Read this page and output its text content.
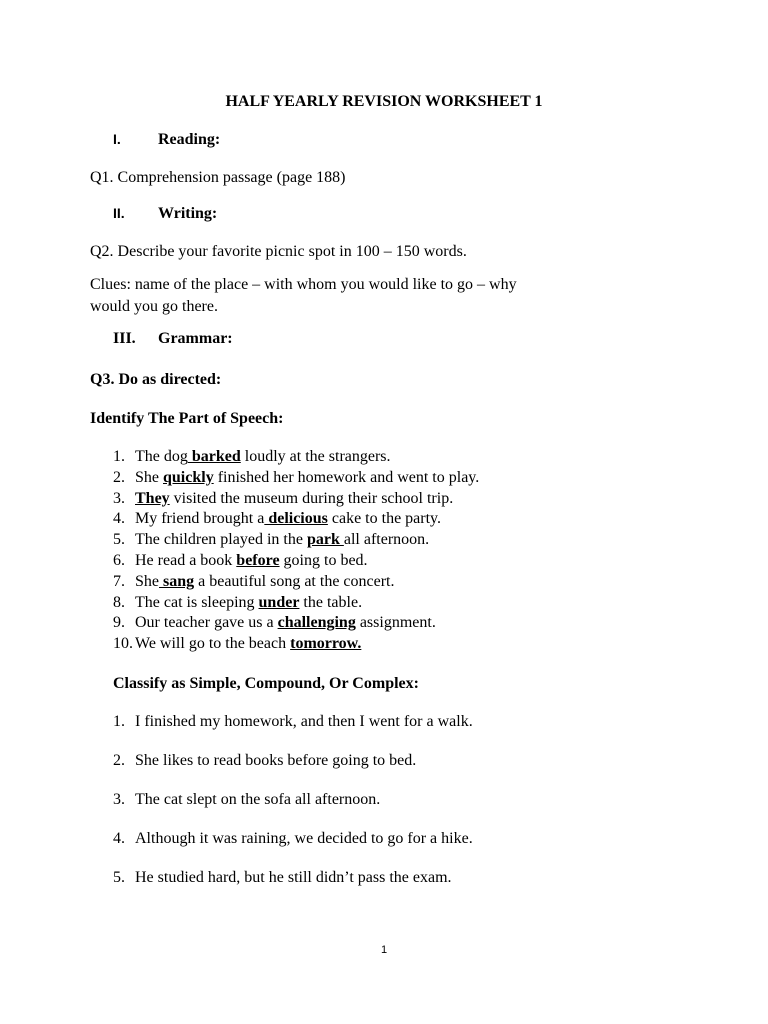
HALF YEARLY REVISION WORKSHEET 1
I. Reading:
Q1. Comprehension passage (page 188)
II. Writing:
Q2. Describe your favorite picnic spot in 100 – 150 words.
Clues: name of the place – with whom you would like to go – why
would you go there.
III. Grammar:
Q3. Do as directed:
Identify The Part of Speech:
1. The dog barked loudly at the strangers.
2. She quickly finished her homework and went to play.
3. They visited the museum during their school trip.
4. My friend brought a delicious cake to the party.
5. The children played in the park all afternoon.
6. He read a book before going to bed.
7. She sang a beautiful song at the concert.
8. The cat is sleeping under the table.
9. Our teacher gave us a challenging assignment.
10. We will go to the beach tomorrow.
Classify as Simple, Compound, Or Complex:
1. I finished my homework, and then I went for a walk.
2. She likes to read books before going to bed.
3. The cat slept on the sofa all afternoon.
4. Although it was raining, we decided to go for a hike.
5. He studied hard, but he still didn’t pass the exam.
1
